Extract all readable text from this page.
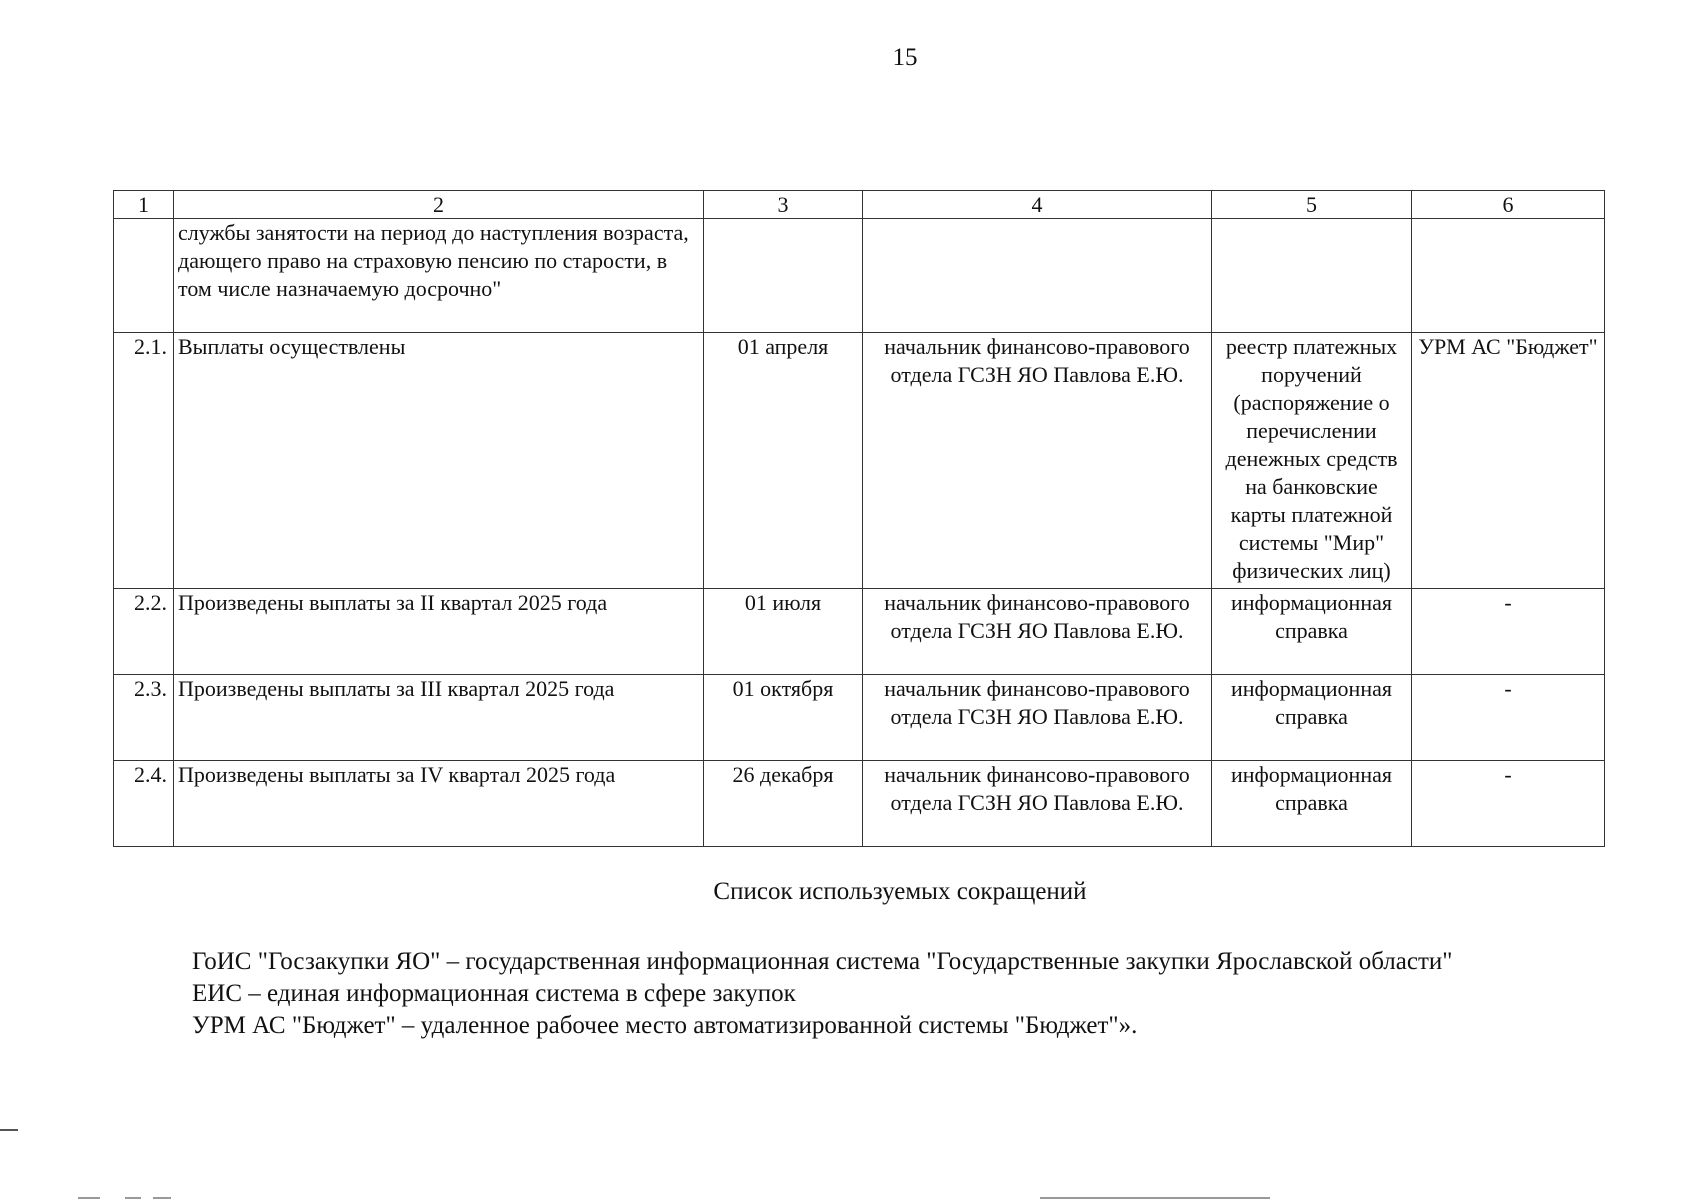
15
1	2	3	4	5	6
	службы занятости на период до наступления возраста, дающего право на страховую пенсию по старости, в том числе назначаемую досрочно"				
2.1.	Выплаты осуществлены	01 апреля	начальник финансово-правового отдела ГСЗН ЯО Павлова Е.Ю.	реестр платежных поручений (распоряжение о перечислении денежных средств на банковские карты платежной системы "Мир" физических лиц)	УРМ АС "Бюджет"
2.2.	Произведены выплаты за II квартал 2025 года	01 июля	начальник финансово-правового отдела ГСЗН ЯО Павлова Е.Ю.	информационная справка	-
2.3.	Произведены выплаты за III квартал 2025 года	01 октября	начальник финансово-правового отдела ГСЗН ЯО Павлова Е.Ю.	информационная справка	-
2.4.	Произведены выплаты за IV квартал 2025 года	26 декабря	начальник финансово-правового отдела ГСЗН ЯО Павлова Е.Ю.	информационная справка	-
Список используемых сокращений

ГоИС "Госзакупки ЯО" – государственная информационная система "Государственные закупки Ярославской области"

ЕИС – единая информационная система в сфере закупок

УРМ АС "Бюджет" – удаленное рабочее место автоматизированной системы "Бюджет"».
